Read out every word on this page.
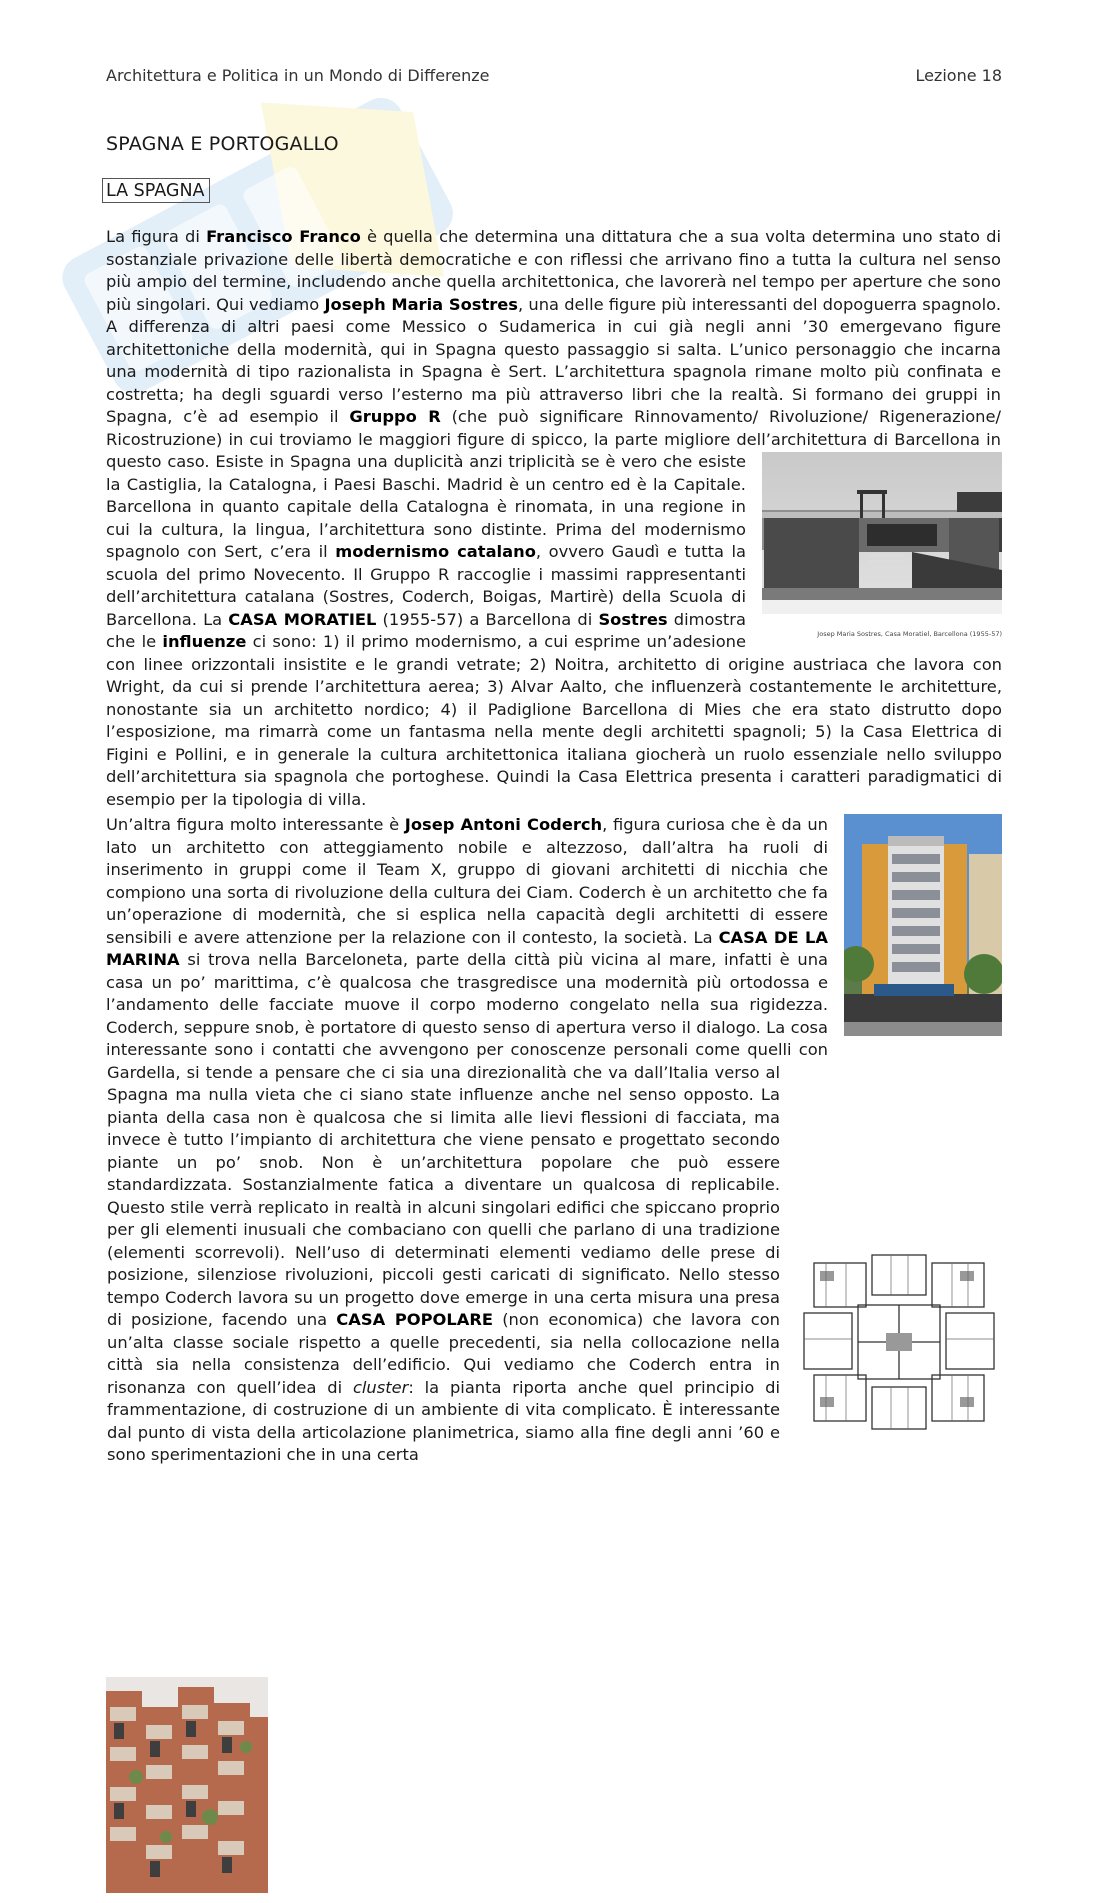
Architettura e Politica in un Mondo di Differenze	Lezione 18
SPAGNA E PORTOGALLO
LA SPAGNA
Josep Maria Sostres, Casa Moratiel, Barcellona (1955-57)

La figura di Francisco Franco è quella che determina una dittatura che a sua volta determina uno stato di sostanziale privazione delle libertà democratiche e con riflessi che arrivano fino a tutta la cultura nel senso più ampio del termine, includendo anche quella architettonica, che lavorerà nel tempo per aperture che sono più singolari. Qui vediamo Joseph Maria Sostres, una delle figure più interessanti del dopoguerra spagnolo. A differenza di altri paesi come Messico o Sudamerica in cui già negli anni ’30 emergevano figure architettoniche della modernità, qui in Spagna questo passaggio si salta. L’unico personaggio che incarna una modernità di tipo razionalista in Spagna è Sert. L’architettura spagnola rimane molto più confinata e costretta; ha degli sguardi verso l’esterno ma più attraverso libri che la realtà. Si formano dei gruppi in Spagna, c’è ad esempio il Gruppo R (che può significare Rinnovamento/ Rivoluzione/ Rigenerazione/ Ricostruzione) in cui troviamo le maggiori figure di spicco, la parte migliore dell’architettura di Barcellona in questo caso. Esiste in Spagna una duplicità anzi triplicità se è vero che esiste la Castiglia, la Catalogna, i Paesi Baschi. Madrid è un centro ed è la Capitale. Barcellona in quanto capitale della Catalogna è rinomata, in una regione in cui la cultura, la lingua, l’architettura sono distinte. Prima del modernismo spagnolo con Sert, c’era il modernismo catalano, ovvero Gaudì e tutta la scuola del primo Novecento. Il Gruppo R raccoglie i massimi rappresentanti dell’architettura catalana (Sostres, Coderch, Boigas, Martirè) della Scuola di Barcellona. La CASA MORATIEL (1955-57) a Barcellona di Sostres dimostra che le influenze ci sono: 1) il primo modernismo, a cui esprime un’adesione con linee orizzontali insistite e le grandi vetrate; 2) Noitra, architetto di origine austriaca che lavora con Wright, da cui si prende l’architettura aerea; 3) Alvar Aalto, che influenzerà costantemente le architetture, nonostante sia un architetto nordico; 4) il Padiglione Barcellona di Mies che era stato distrutto dopo l’esposizione, ma rimarrà come un fantasma nella mente degli architetti spagnoli; 5) la Casa Elettrica di Figini e Pollini, e in generale la cultura architettonica italiana giocherà un ruolo essenziale nello sviluppo dell’architettura sia spagnola che portoghese. Quindi la Casa Elettrica presenta i caratteri paradigmatici di esempio per la tipologia di villa.

Un’altra figura molto interessante è Josep Antoni Coderch, figura curiosa che è da un lato un architetto con atteggiamento nobile e altezzoso, dall’altra ha ruoli di inserimento in gruppi come il Team X, gruppo di giovani architetti di nicchia che compiono una sorta di rivoluzione della cultura dei Ciam. Coderch è un architetto che fa un’operazione di modernità, che si esplica nella capacità degli architetti di essere sensibili e avere attenzione per la relazione con il contesto, la società. La CASA DE LA MARINA si trova nella Barceloneta, parte della città più vicina al mare, infatti è una casa un po’ marittima, c’è qualcosa che trasgredisce una modernità più ortodossa e l’andamento delle facciate muove il corpo moderno congelato nella sua rigidezza. Coderch, seppure snob, è portatore di questo senso di apertura verso il dialogo. La cosa interessante sono i contatti che avvengono per conoscenze personali come quelli con Gardella, si tende a pensare che ci sia una direzionalità che va dall’Italia verso al Spagna ma nulla vieta che ci siano state influenze anche nel senso opposto. La pianta della casa non è qualcosa che si limita alle lievi flessioni di facciata, ma invece è tutto l’impianto di architettura che viene pensato e progettato secondo piante un po’ snob. Non è un’architettura popolare che può essere standardizzata. Sostanzialmente fatica a diventare un qualcosa di replicabile. Questo stile verrà replicato in realtà in alcuni singolari edifici che spiccano proprio per gli elementi inusuali che combaciano con quelli che parlano di una tradizione (elementi scorrevoli). Nell’uso di determinati elementi vediamo delle prese di posizione, silenziose rivoluzioni, piccoli gesti caricati di significato. Nello stesso tempo Coderch lavora su un progetto dove emerge in una certa misura una presa di posizione, facendo una CASA POPOLARE (non economica) che lavora con un’alta classe sociale rispetto a quelle precedenti, sia nella collocazione nella città sia nella consistenza dell’edificio. Qui vediamo che Coderch entra in risonanza con quell’idea di cluster: la pianta riporta anche quel principio di frammentazione, di costruzione di un ambiente di vita complicato. È interessante dal punto di vista della articolazione planimetrica, siamo alla fine degli anni ’60 e sono sperimentazioni che in una certa
